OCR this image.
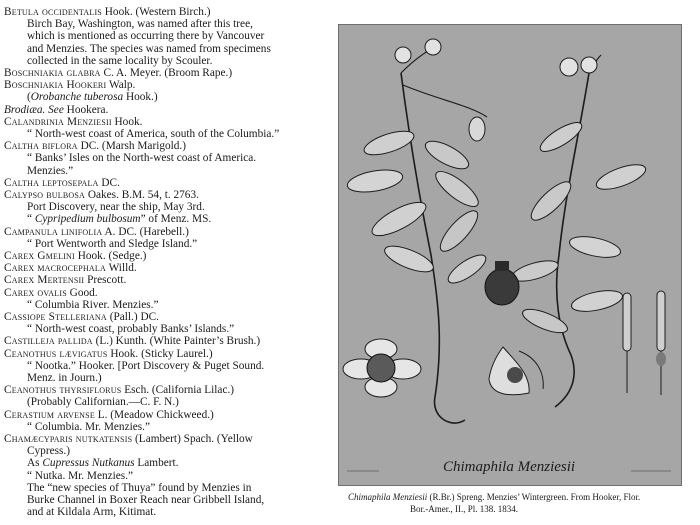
Betula occidentalis Hook. (Western Birch.)
Birch Bay, Washington, was named after this tree,
which is mentioned as occurring there by Vancouver
and Menzies. The species was named from specimens
collected in the same locality by Scouler.
Boschniakia glabra C. A. Meyer. (Broom Rape.)
Boschniakia Hookeri Walp.
(Orobanche tuberosa Hook.)
Brodiæa. See Hookera.
Calandrinia Menziesii Hook.
“ North-west coast of America, south of the Columbia.”
Caltha biflora DC. (Marsh Marigold.)
“ Banks’ Isles on the North-west coast of America.
Menzies.”
Caltha leptosepala DC.
Calypso bulbosa Oakes. B.M. 54, t. 2763.
Port Discovery, near the ship, May 3rd.
“ Cypripedium bulbosum” of Menz. MS.
Campanula linifolia A. DC. (Harebell.)
“ Port Wentworth and Sledge Island.”
Carex Gmelini Hook. (Sedge.)
Carex macrocephala Willd.
Carex Mertensii Prescott.
Carex ovalis Good.
“ Columbia River. Menzies.”
Cassiope Stelleriana (Pall.) DC.
“ North-west coast, probably Banks’ Islands.”
Castilleja pallida (L.) Kunth. (White Painter’s Brush.)
Ceanothus lævigatus Hook. (Sticky Laurel.)
“ Nootka.” Hooker. [Port Discovery & Puget Sound.
Menz. in Journ.)
Ceanothus thyrsiflorus Esch. (California Lilac.)
(Probably Californian.—C. F. N.)
Cerastium arvense L. (Meadow Chickweed.)
“ Columbia. Mr. Menzies.”
Chamæcyparis nutkatensis (Lambert) Spach. (Yellow
Cypress.)
As Cupressus Nutkanus Lambert.
“ Nutka. Mr. Menzies.”
The “new species of Thuya” found by Menzies in
Burke Channel in Boxer Reach near Gribbell Island,
and at Kildala Arm, Kitimat.
Chimaphila Menziesii
Chimaphila Menziesii (R.Br.) Spreng. Menzies’ Wintergreen. From Hooker, Flor.
Bor.-Amer., II., Pl. 138. 1834.
